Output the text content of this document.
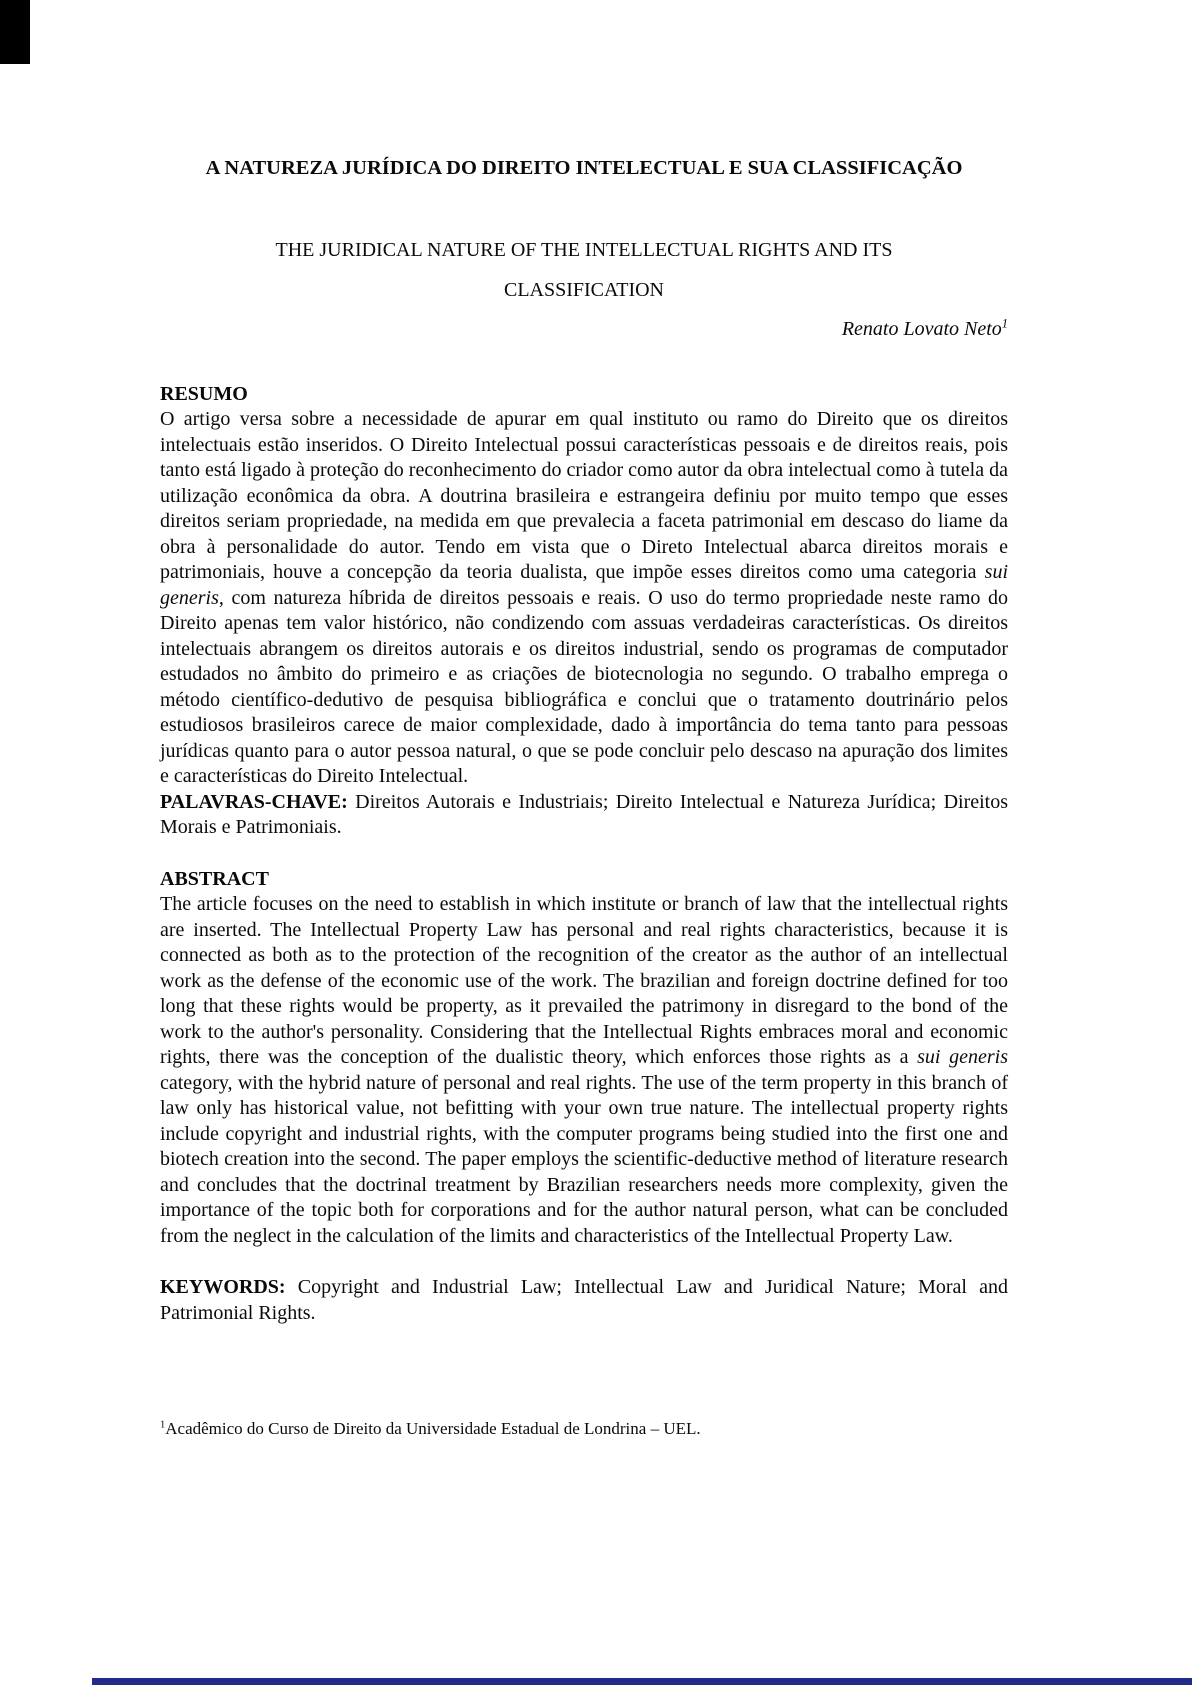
A NATUREZA JURÍDICA DO DIREITO INTELECTUAL E SUA CLASSIFICAÇÃO
THE JURIDICAL NATURE OF THE INTELLECTUAL RIGHTS AND ITS
CLASSIFICATION
Renato Lovato Neto$^1$
RESUMO

O artigo versa sobre a necessidade de apurar em qual instituto ou ramo do Direito que os direitos intelectuais estão inseridos. O Direito Intelectual possui características pessoais e de direitos reais, pois tanto está ligado à proteção do reconhecimento do criador como autor da obra intelectual como à tutela da utilização econômica da obra. A doutrina brasileira e estrangeira definiu por muito tempo que esses direitos seriam propriedade, na medida em que prevalecia a faceta patrimonial em descaso do liame da obra à personalidade do autor. Tendo em vista que o Direto Intelectual abarca direitos morais e patrimoniais, houve a concepção da teoria dualista, que impõe esses direitos como uma categoria sui generis, com natureza híbrida de direitos pessoais e reais. O uso do termo propriedade neste ramo do Direito apenas tem valor histórico, não condizendo com assuas verdadeiras características. Os direitos intelectuais abrangem os direitos autorais e os direitos industrial, sendo os programas de computador estudados no âmbito do primeiro e as criações de biotecnologia no segundo. O trabalho emprega o método científico-dedutivo de pesquisa bibliográfica e conclui que o tratamento doutrinário pelos estudiosos brasileiros carece de maior complexidade, dado à importância do tema tanto para pessoas jurídicas quanto para o autor pessoa natural, o que se pode concluir pelo descaso na apuração dos limites e características do Direito Intelectual.

PALAVRAS-CHAVE: Direitos Autorais e Industriais; Direito Intelectual e Natureza Jurídica; Direitos Morais e Patrimoniais.

ABSTRACT

The article focuses on the need to establish in which institute or branch of law that the intellectual rights are inserted. The Intellectual Property Law has personal and real rights characteristics, because it is connected as both as to the protection of the recognition of the creator as the author of an intellectual work as the defense of the economic use of the work. The brazilian and foreign doctrine defined for too long that these rights would be property, as it prevailed the patrimony in disregard to the bond of the work to the author's personality. Considering that the Intellectual Rights embraces moral and economic rights, there was the conception of the dualistic theory, which enforces those rights as a sui generis category, with the hybrid nature of personal and real rights. The use of the term property in this branch of law only has historical value, not befitting with your own true nature. The intellectual property rights include copyright and industrial rights, with the computer programs being studied into the first one and biotech creation into the second. The paper employs the scientific-deductive method of literature research and concludes that the doctrinal treatment by Brazilian researchers needs more complexity, given the importance of the topic both for corporations and for the author natural person, what can be concluded from the neglect in the calculation of the limits and characteristics of the Intellectual Property Law.

KEYWORDS: Copyright and Industrial Law; Intellectual Law and Juridical Nature; Moral and Patrimonial Rights.

$^1$Acadêmico do Curso de Direito da Universidade Estadual de Londrina – UEL.
